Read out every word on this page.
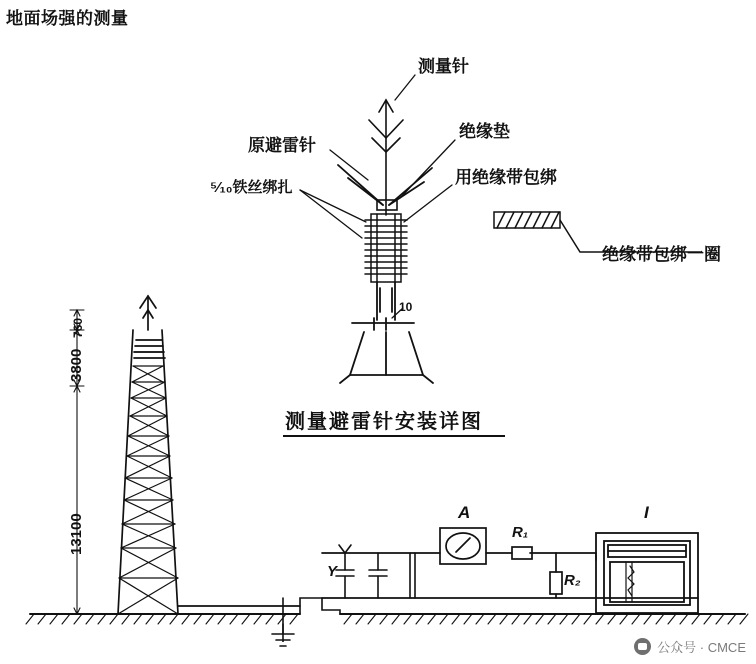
地面场强的测量
测量针
绝缘垫
原避雷针
用绝缘带包绑
⁵⁄₁₀铁丝绑扎
绝缘带包绑一圈
10
测量避雷针安装详图
760
3800
13100
A
R₁
R₂
I
Y
公众号 · CMCE
